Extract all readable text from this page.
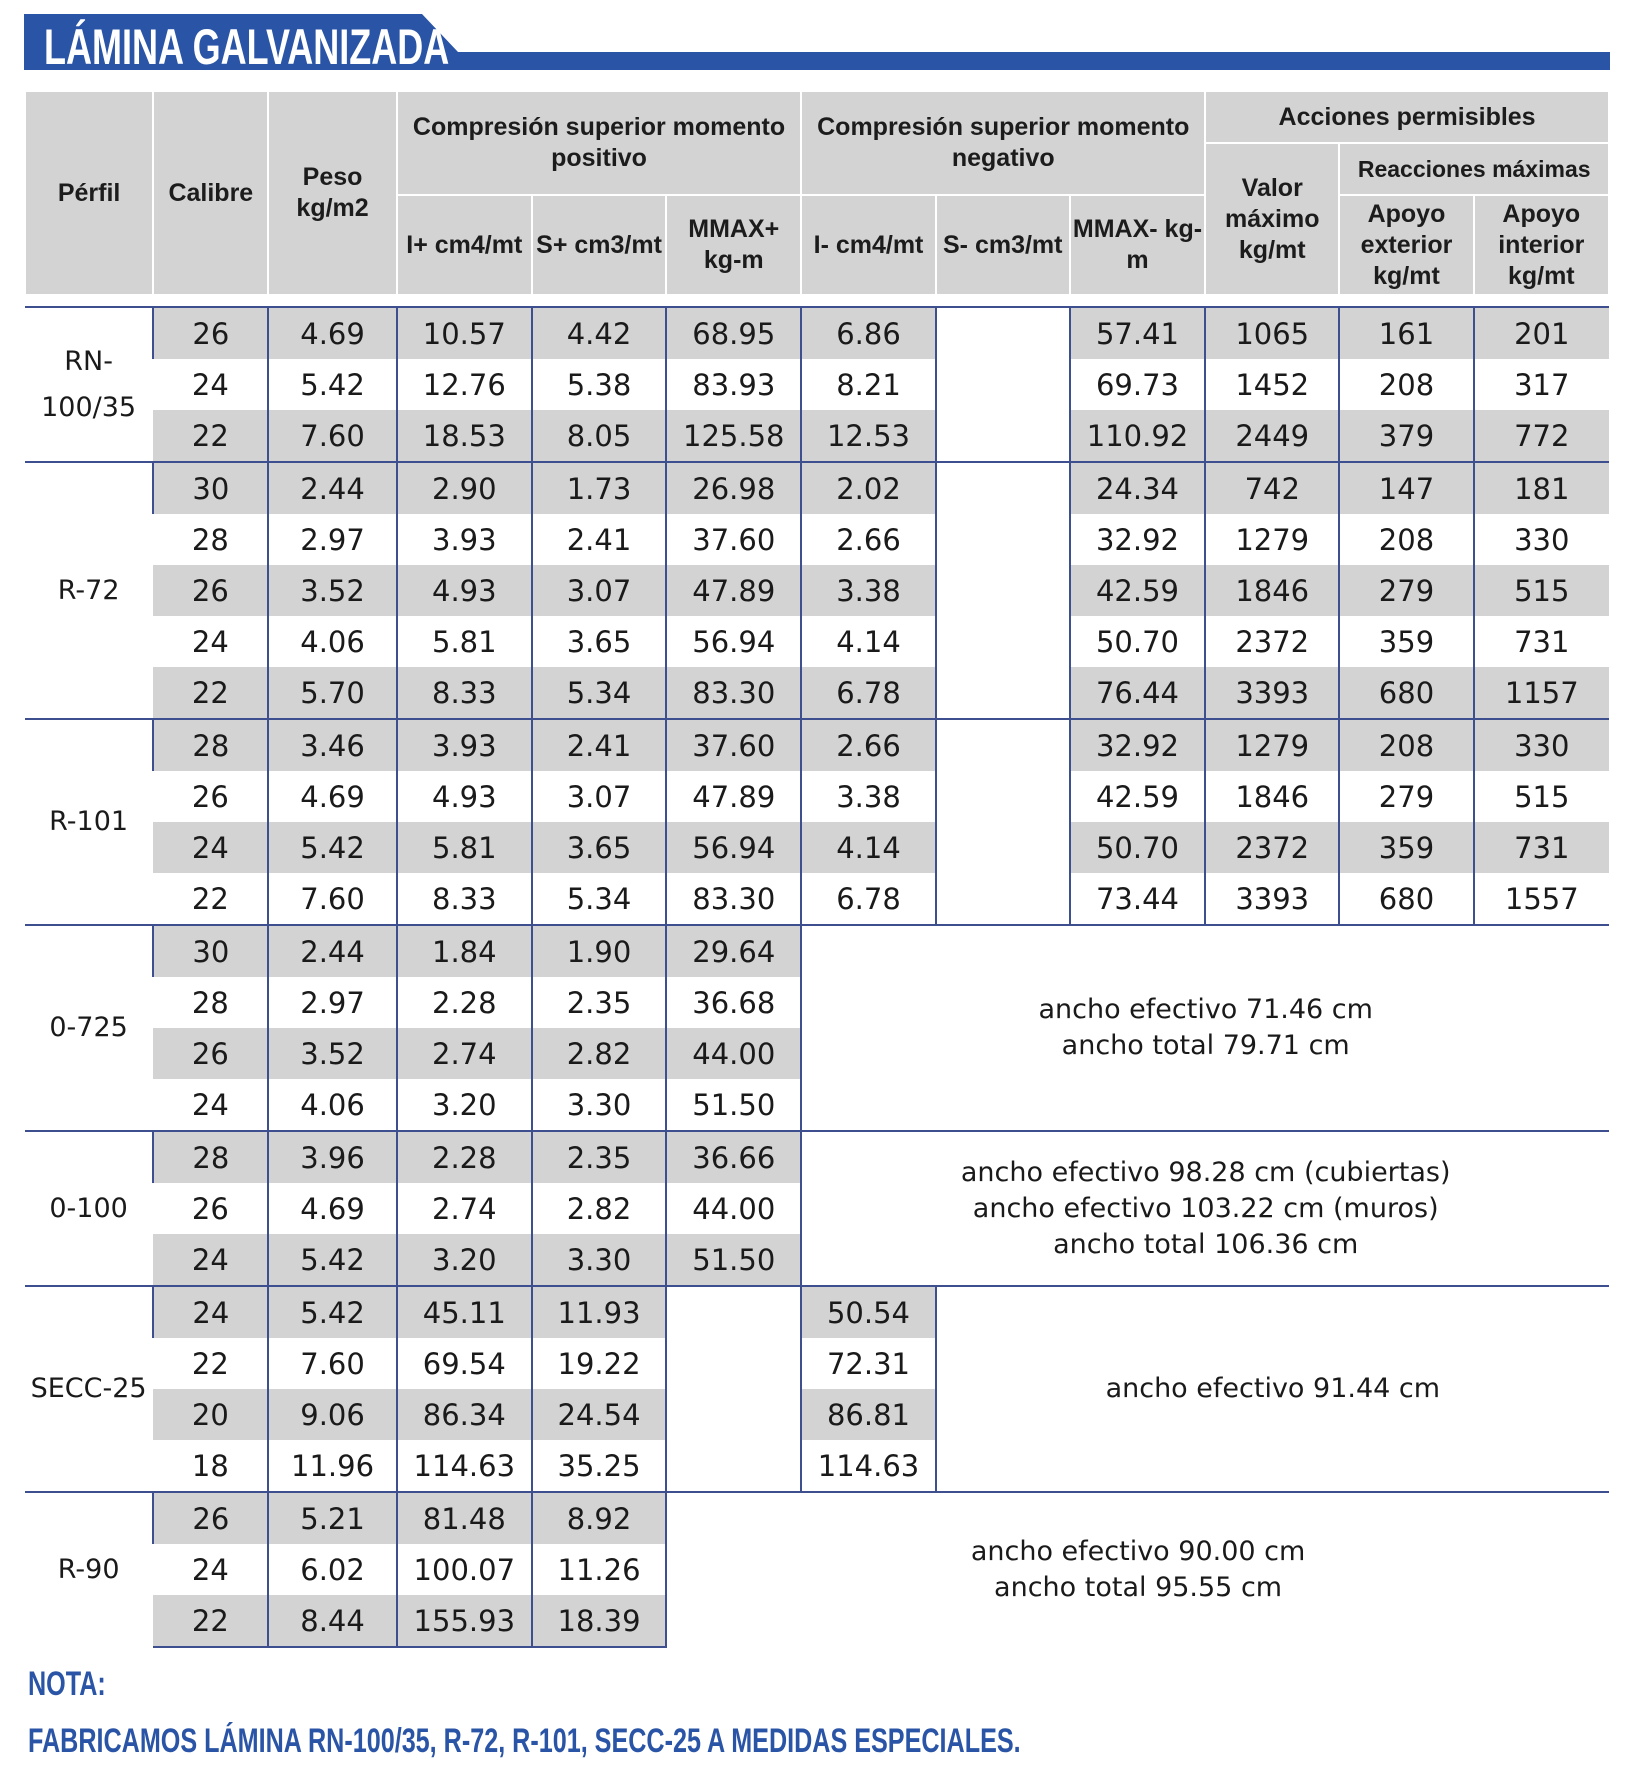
LÁMINA GALVANIZADA
Pérfil	Calibre	Peso kg/m2	Compresión superior momento positivo			Compresión superior momento negativo			Acciones permisibles		
									Valor máximo kg/mt	Reacciones máximas	
			I+ cm4/mt	S+ cm3/mt	MMAX+ kg-m	I- cm4/mt	S- cm3/mt	MMAX- kg-m		Apoyo exterior kg/mt	Apoyo interior kg/mt

RN-100/35	26	4.69	10.57	4.42	68.95	6.86		57.41	1065	161	201
	24	5.42	12.76	5.38	83.93	8.21		69.73	1452	208	317
	22	7.60	18.53	8.05	125.58	12.53		110.92	2449	379	772
R-72	30	2.44	2.90	1.73	26.98	2.02		24.34	742	147	181
	28	2.97	3.93	2.41	37.60	2.66		32.92	1279	208	330
	26	3.52	4.93	3.07	47.89	3.38		42.59	1846	279	515
	24	4.06	5.81	3.65	56.94	4.14		50.70	2372	359	731
	22	5.70	8.33	5.34	83.30	6.78		76.44	3393	680	1157
R-101	28	3.46	3.93	2.41	37.60	2.66		32.92	1279	208	330
	26	4.69	4.93	3.07	47.89	3.38		42.59	1846	279	515
	24	5.42	5.81	3.65	56.94	4.14		50.70	2372	359	731
	22	7.60	8.33	5.34	83.30	6.78		73.44	3393	680	1557
0-725	30	2.44	1.84	1.90	29.64	ancho efectivo 71.46 cm
ancho total 79.71 cm					

	28	2.97	2.28	2.35	36.68						
	26	3.52	2.74	2.82	44.00						
	24	4.06	3.20	3.30	51.50						
0-100	28	3.96	2.28	2.35	36.66	ancho efectivo 98.28 cm (cubiertas)
ancho efectivo 103.22 cm (muros)
ancho total 106.36 cm					

	26	4.69	2.74	2.82	44.00						
	24	5.42	3.20	3.30	51.50						
SECC-25	24	5.42	45.11	11.93		50.54	ancho efectivo 91.44 cm				

	22	7.60	69.54	19.22		72.31					
	20	9.06	86.34	24.54		86.81					
	18	11.96	114.63	35.25		114.63					
R-90	26	5.21	81.48	8.92	ancho efectivo 90.00 cm
ancho total 95.55 cm						

	24	6.02	100.07	11.26							
	22	8.44	155.93	18.39							
NOTA:
FABRICAMOS LÁMINA RN-100/35, R-72, R-101, SECC-25 A MEDIDAS ESPECIALES.
